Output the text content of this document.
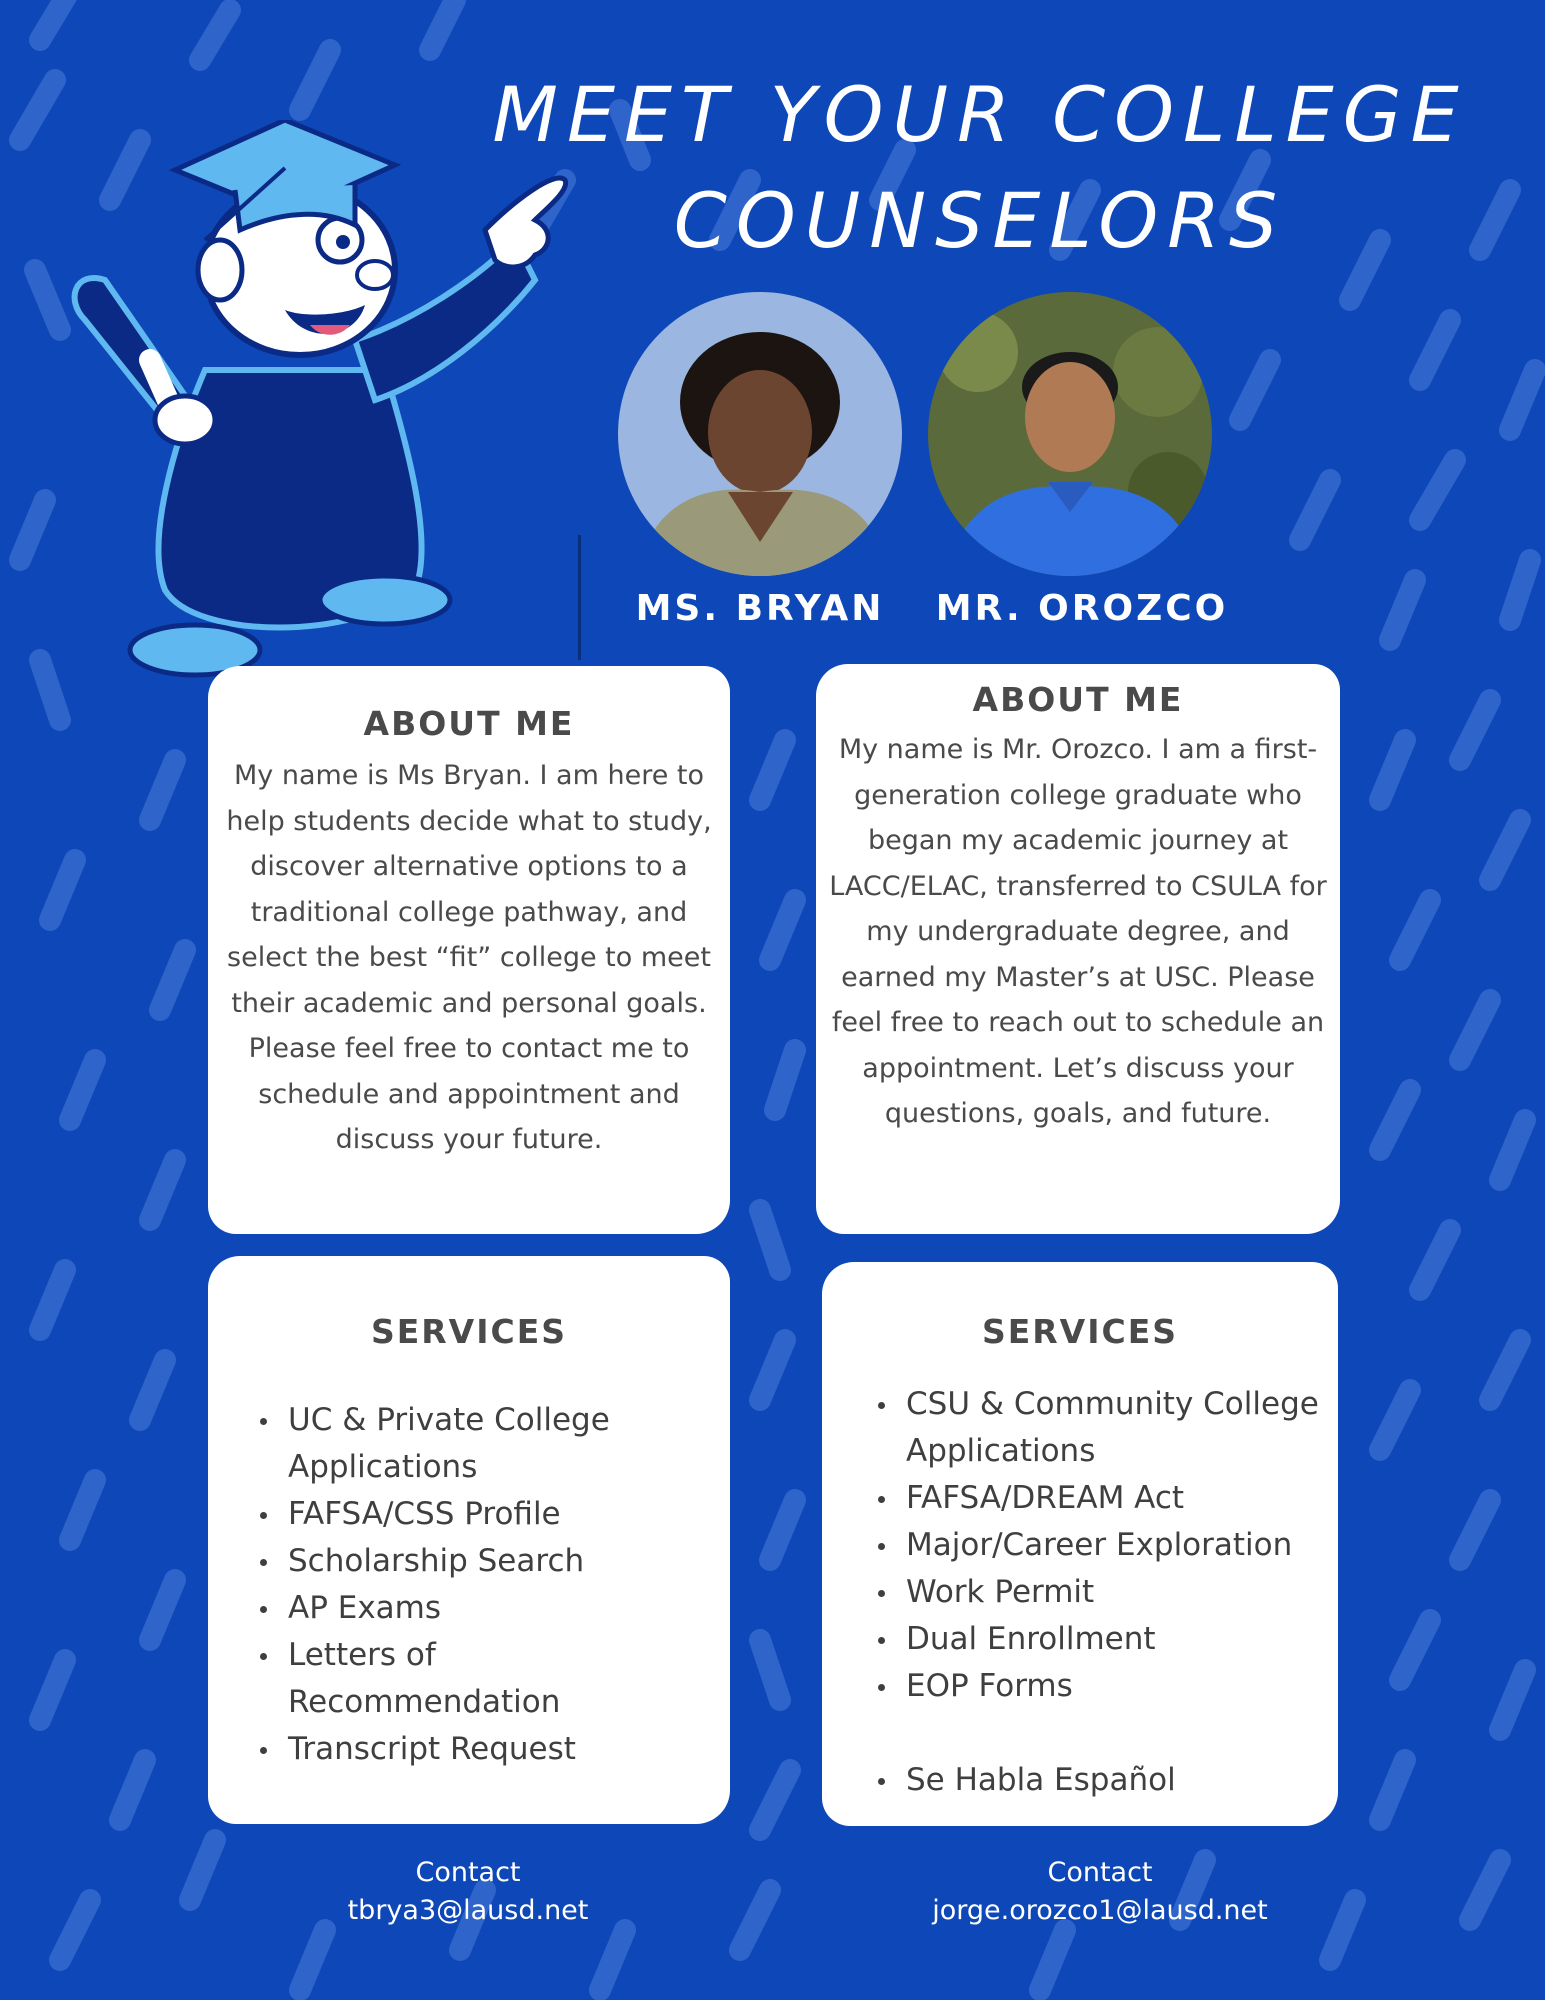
MEET YOUR COLLEGE
COUNSELORS
MS. BRYAN	MR. OROZCO
ABOUT ME

My name is Ms Bryan. I am here to help students decide what to study, discover alternative options to a traditional college pathway, and select the best “fit” college to meet their academic and personal goals. Please feel free to contact me to schedule and appointment and discuss your future.

ABOUT ME

My name is Mr. Orozco. I am a first-generation college graduate who began my academic journey at LACC/ELAC, transferred to CSULA for my undergraduate degree, and earned my Master’s at USC. Please feel free to reach out to schedule an appointment. Let’s discuss your questions, goals, and future.

SERVICES
UC & Private College Applications
FAFSA/CSS Profile
Scholarship Search
AP Exams
Letters of Recommendation
Transcript Request
SERVICES
CSU & Community College Applications
FAFSA/DREAM Act
Major/Career Exploration
Work Permit
Dual Enrollment
EOP Forms
Se Habla Español
Contact
tbrya3@lausd.net
Contact
jorge.orozco1@lausd.net
